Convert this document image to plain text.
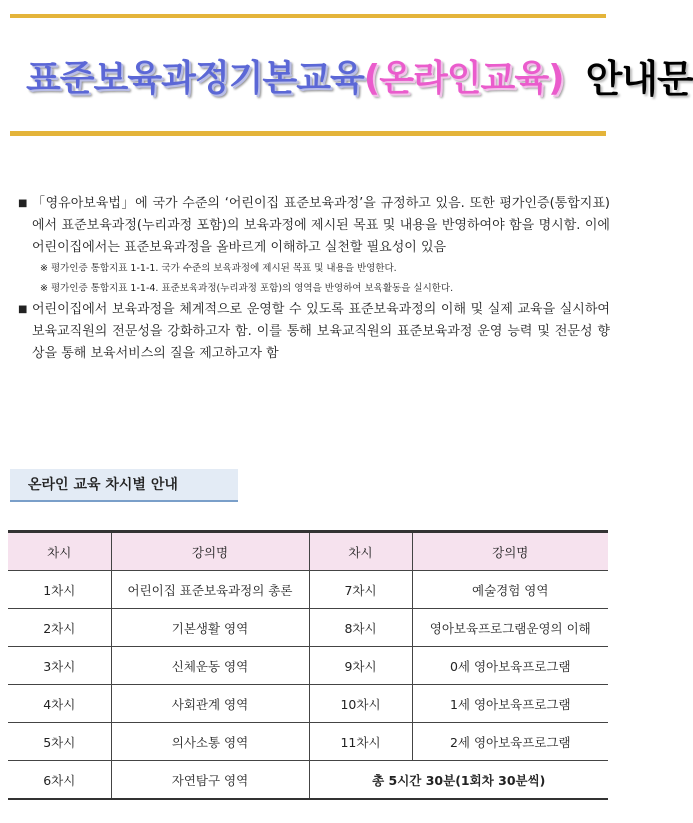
표준보육과정 기본교육 (온라인교육) 안내문
■ 「영유아보육법」에 국가 수준의 ‘어린이집 표준보육과정’을 규정하고 있음. 또한 평가인증(통합지표)에서 표준보육과정(누리과정 포함)의 보육과정에 제시된 목표 및 내용을 반영하여야 함을 명시함. 이에 어린이집에서는 표준보육과정을 올바르게 이해하고 실천할 필요성이 있음
※ 평가인증 통합지표 1-1-1. 국가 수준의 보육과정에 제시된 목표 및 내용을 반영한다.
※ 평가인증 통합지표 1-1-4. 표준보육과정(누리과정 포함)의 영역을 반영하여 보육활동을 실시한다.
■ 어린이집에서 보육과정을 체계적으로 운영할 수 있도록 표준보육과정의 이해 및 실제 교육을 실시하여 보육교직원의 전문성을 강화하고자 함. 이를 통해 보육교직원의 표준보육과정 운영 능력 및 전문성 향상을 통해 보육서비스의 질을 제고하고자 함
온라인 교육 차시별 안내
차시	강의명	차시	강의명
1차시	어린이집 표준보육과정의 총론	7차시	예술경험 영역
2차시	기본생활 영역	8차시	영아보육프로그램운영의 이해
3차시	신체운동 영역	9차시	0세 영아보육프로그램
4차시	사회관계 영역	10차시	1세 영아보육프로그램
5차시	의사소통 영역	11차시	2세 영아보육프로그램
6차시	자연탐구 영역	총 5시간 30분(1회차 30분씩)	
